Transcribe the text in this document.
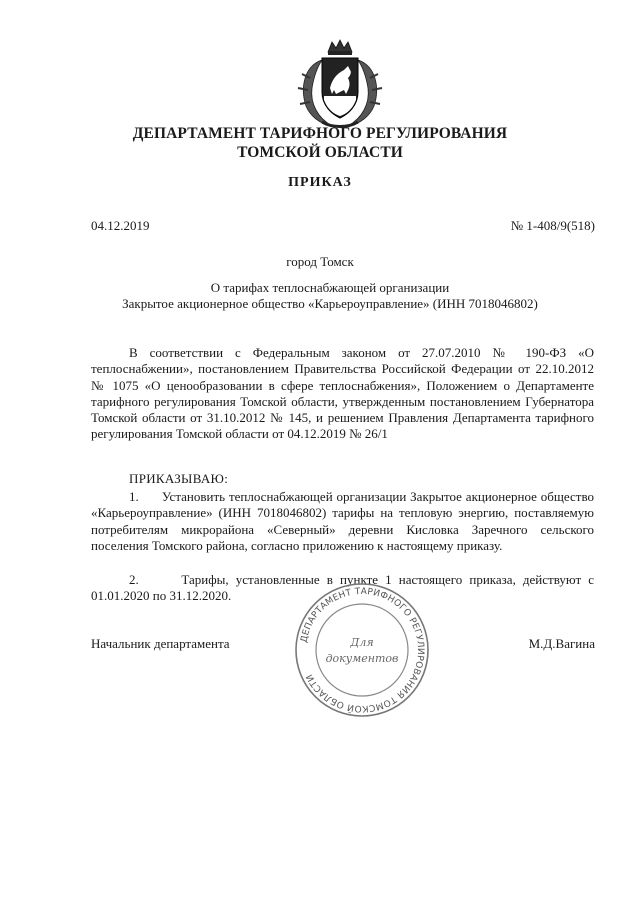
ДЕПАРТАМЕНТ ТАРИФНОГО РЕГУЛИРОВАНИЯ
ТОМСКОЙ ОБЛАСТИ
ПРИКАЗ
04.12.2019	№ 1-408/9(518)
город Томск
О тарифах теплоснабжающей организации
Закрытое акционерное общество «Карьероуправление» (ИНН 7018046802)

В соответствии с Федеральным законом от 27.07.2010 № 190-ФЗ «О теплоснабжении», постановлением Правительства Российской Федерации от 22.10.2012 № 1075 «О ценообразовании в сфере теплоснабжения», Положением о Департаменте тарифного регулирования Томской области, утвержденным постановлением Губернатора Томской области от 31.10.2012 № 145, и решением Правления Департамента тарифного регулирования Томской области от 04.12.2019 № 26/1

ПРИКАЗЫВАЮ:

1.      Установить теплоснабжающей организации Закрытое акционерное общество «Карьероуправление» (ИНН 7018046802) тарифы на тепловую энергию, поставляемую потребителям микрорайона «Северный» деревни Кисловка Заречного сельского поселения Томского района, согласно приложению к настоящему приказу.

2.      Тарифы, установленные в пункте 1 настоящего приказа, действуют с 01.01.2020 по 31.12.2020.

Начальник департамента	М.Д.Вагина
ДЕПАРТАМЕНТ ТАРИФНОГО РЕГУЛИРОВАНИЯ ТОМСКОЙ ОБЛАСТИ
Для
документов
